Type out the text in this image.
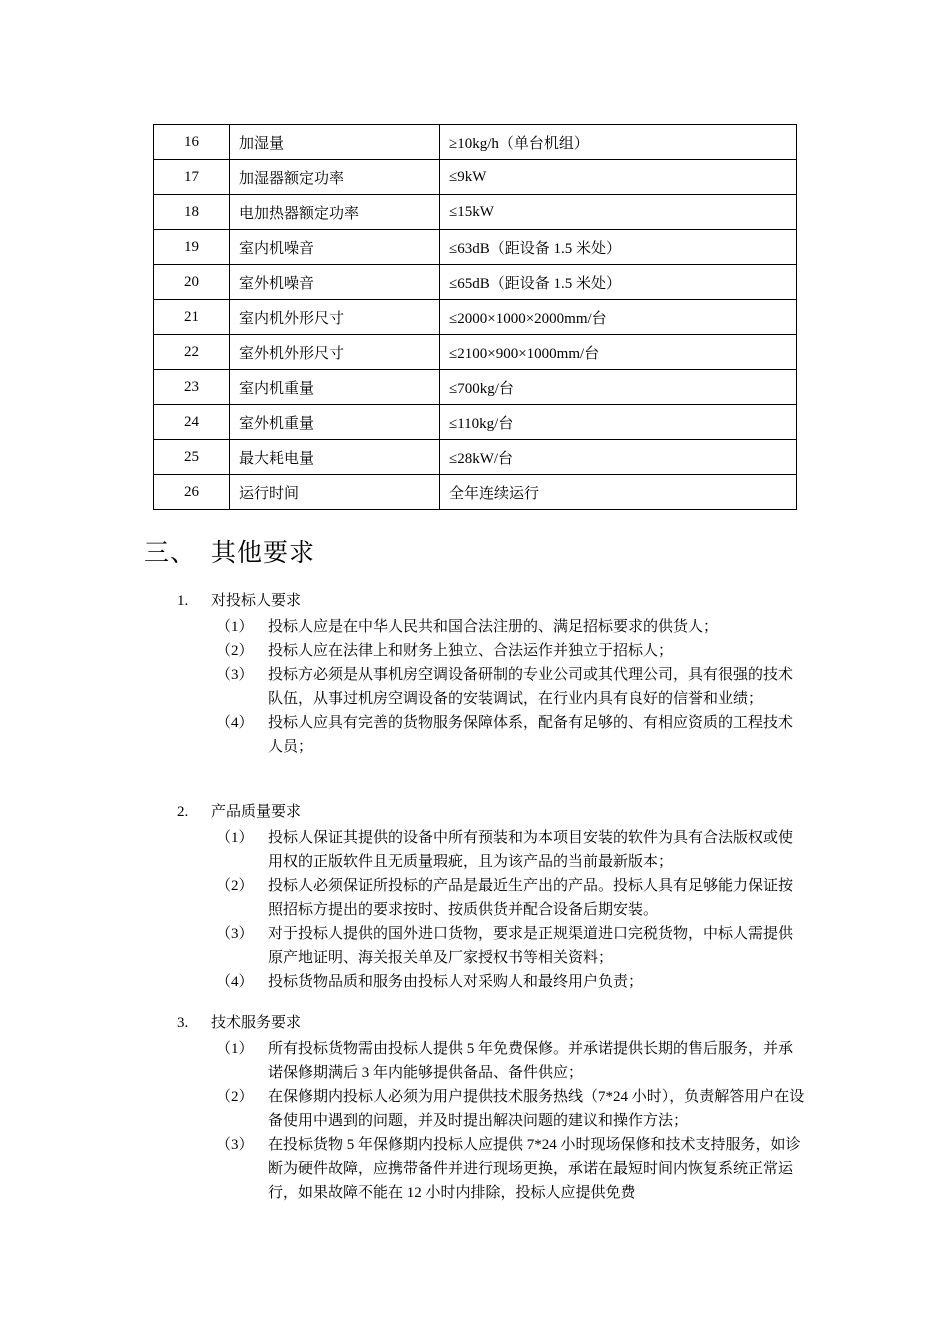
16	加湿量	≥10kg/h（单台机组）
17	加湿器额定功率	≤9kW
18	电加热器额定功率	≤15kW
19	室内机噪音	≤63dB（距设备 1.5 米处）
20	室外机噪音	≤65dB（距设备 1.5 米处）
21	室内机外形尺寸	≤2000×1000×2000mm/台
22	室外机外形尺寸	≤2100×900×1000mm/台
23	室内机重量	≤700kg/台
24	室外机重量	≤110kg/台
25	最大耗电量	≤28kW/台
26	运行时间	全年连续运行
三、 其他要求
1. 对投标人要求
（1） 投标人应是在中华人民共和国合法注册的、满足招标要求的供货人；
（2） 投标人应在法律上和财务上独立、合法运作并独立于招标人；
（3） 投标方必须是从事机房空调设备研制的专业公司或其代理公司，具有很强的技术队伍，从事过机房空调设备的安装调试，在行业内具有良好的信誉和业绩；
（4） 投标人应具有完善的货物服务保障体系，配备有足够的、有相应资质的工程技术人员；
2. 产品质量要求
（1） 投标人保证其提供的设备中所有预装和为本项目安装的软件为具有合法版权或使用权的正版软件且无质量瑕疵，且为该产品的当前最新版本；
（2） 投标人必须保证所投标的产品是最近生产出的产品。投标人具有足够能力保证按照招标方提出的要求按时、按质供货并配合设备后期安装。
（3） 对于投标人提供的国外进口货物，要求是正规渠道进口完税货物，中标人需提供原产地证明、海关报关单及厂家授权书等相关资料；
（4） 投标货物品质和服务由投标人对采购人和最终用户负责；
3. 技术服务要求
（1） 所有投标货物需由投标人提供 5 年免费保修。并承诺提供长期的售后服务，并承诺保修期满后 3 年内能够提供备品、备件供应；
（2） 在保修期内投标人必须为用户提供技术服务热线（7*24 小时），负责解答用户在设备使用中遇到的问题，并及时提出解决问题的建议和操作方法；
（3） 在投标货物 5 年保修期内投标人应提供 7*24 小时现场保修和技术支持服务，如诊断为硬件故障，应携带备件并进行现场更换，承诺在最短时间内恢复系统正常运行，如果故障不能在 12 小时内排除，投标人应提供免费
